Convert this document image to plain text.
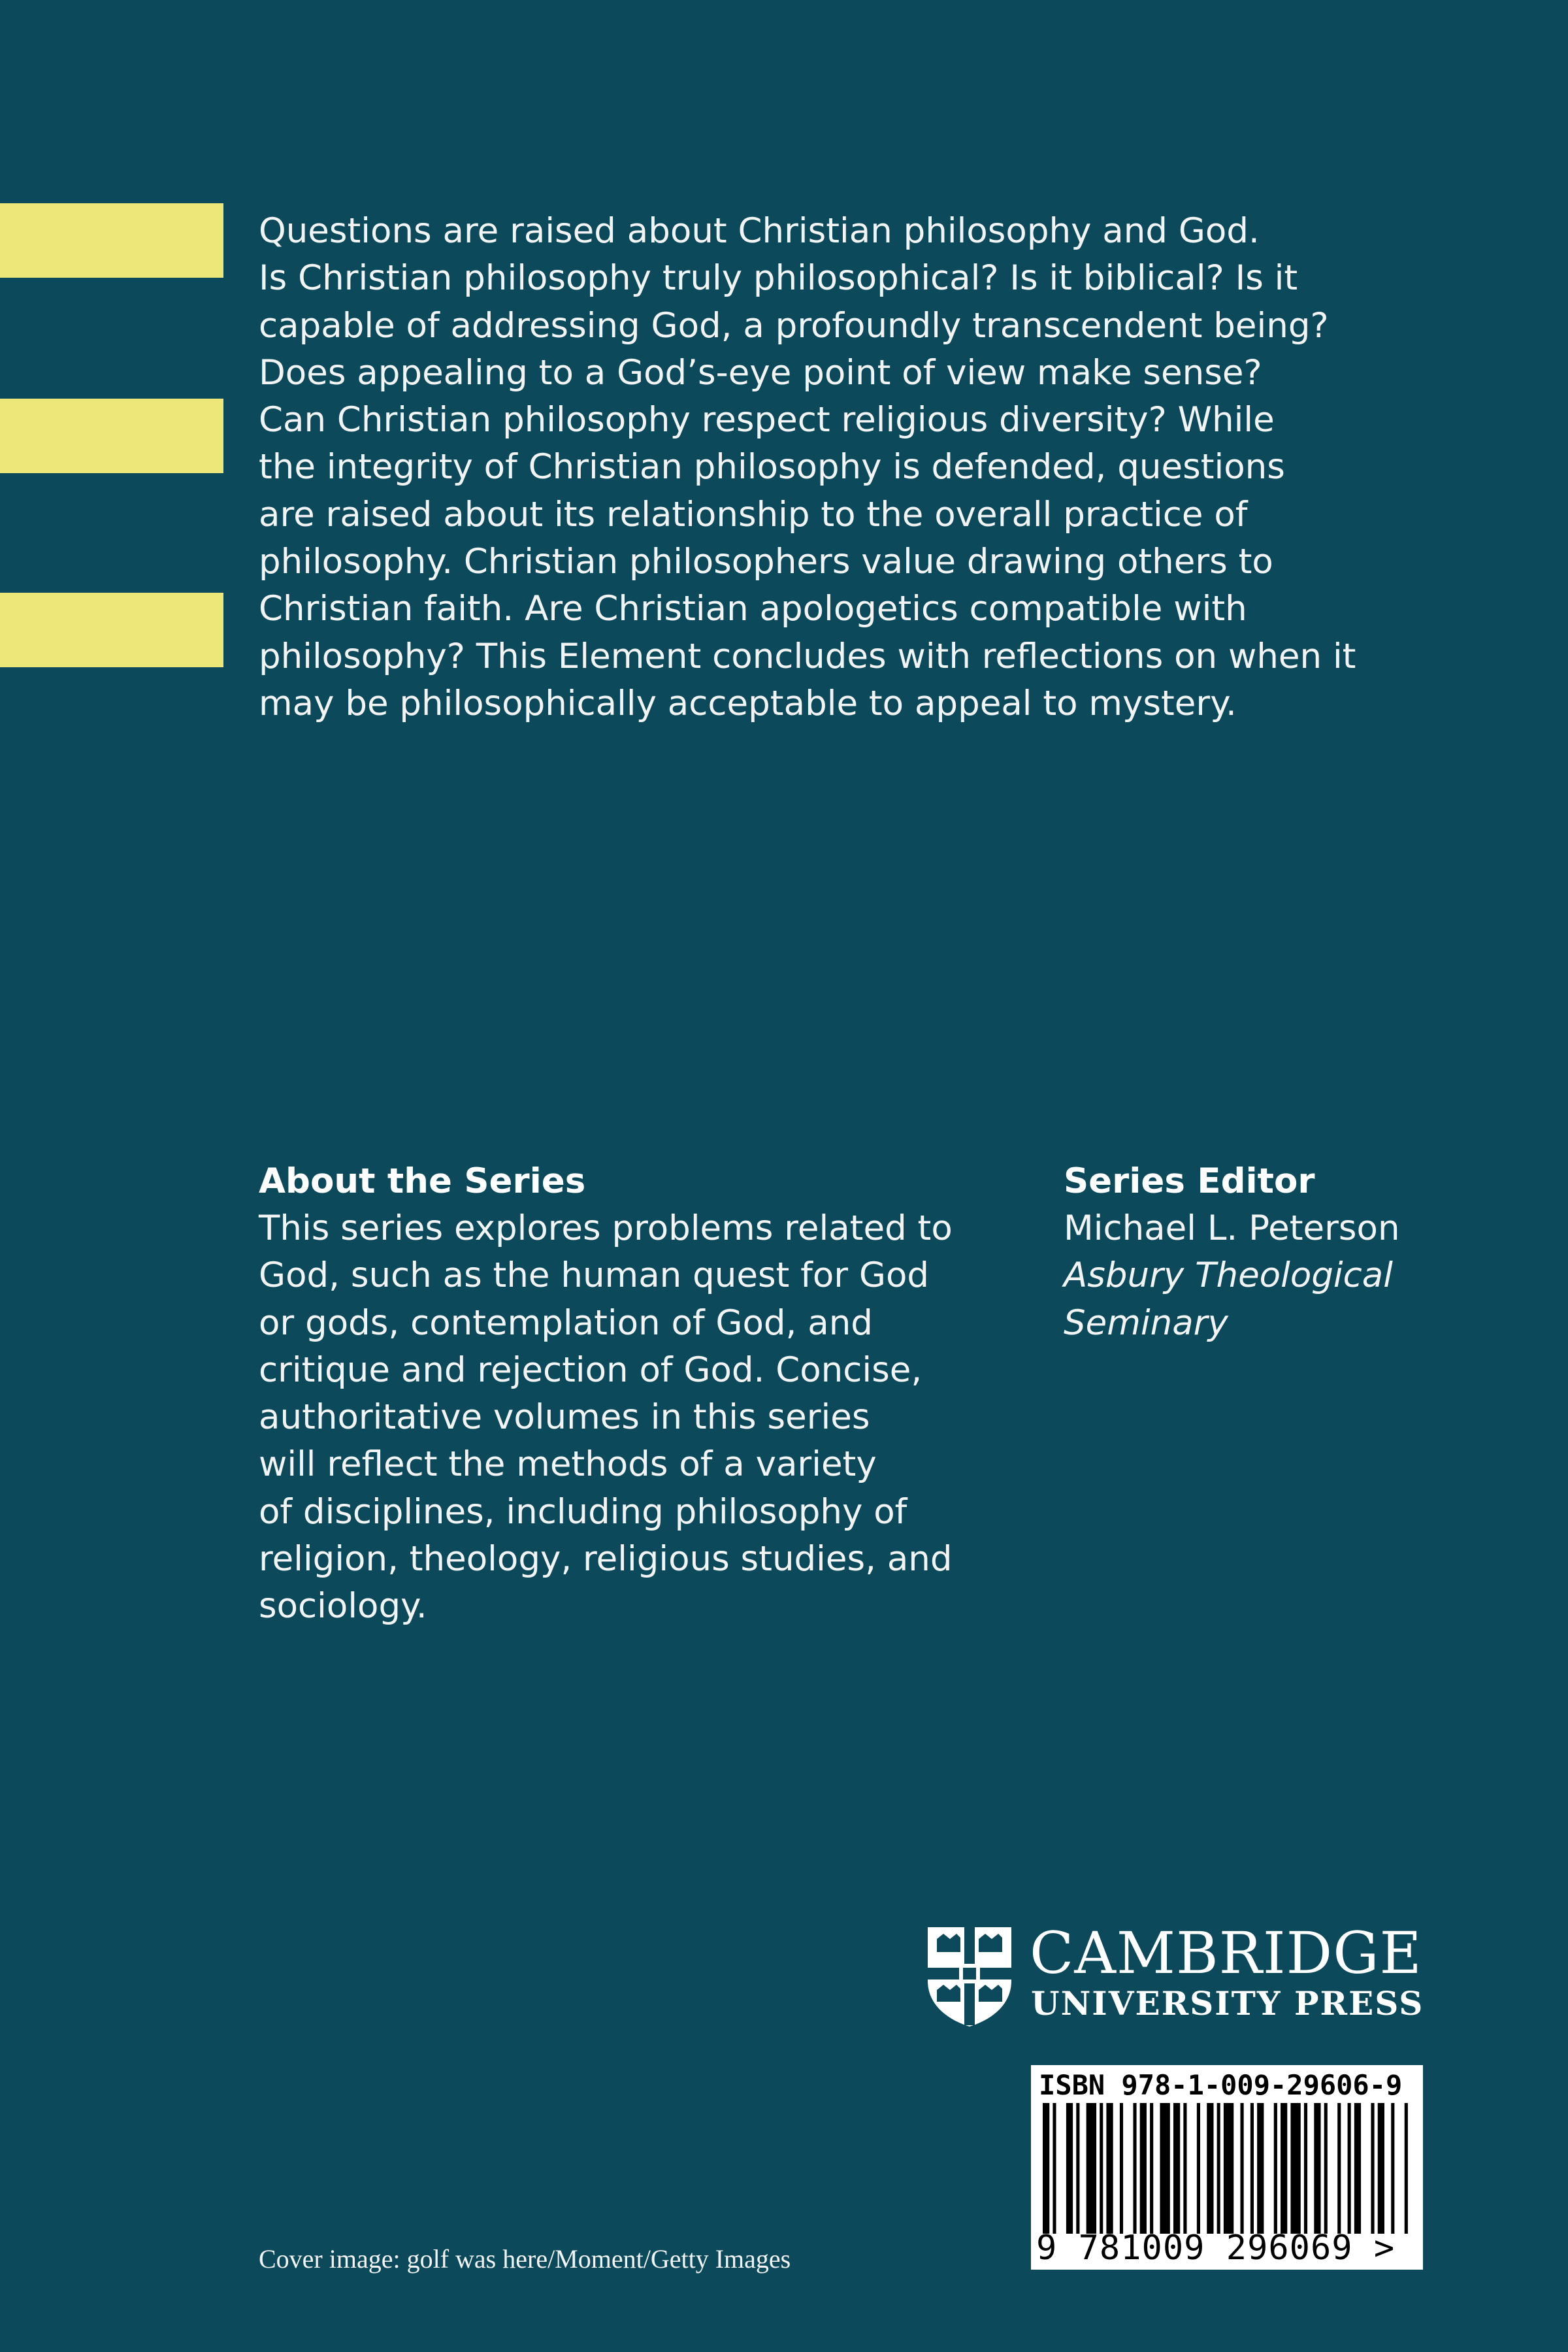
Questions are raised about Christian philosophy and God.
Is Christian philosophy truly philosophical? Is it biblical? Is it
capable of addressing God, a profoundly transcendent being?
Does appealing to a God’s-eye point of view make sense?
Can Christian philosophy respect religious diversity? While
the integrity of Christian philosophy is defended, questions
are raised about its relationship to the overall practice of
philosophy. Christian philosophers value drawing others to
Christian faith. Are Christian apologetics compatible with
philosophy? This Element concludes with reflections on when it
may be philosophically acceptable to appeal to mystery.
About the Series
This series explores problems related to
God, such as the human quest for God
or gods, contemplation of God, and
critique and rejection of God. Concise,
authoritative volumes in this series
will reflect the methods of a variety
of disciplines, including philosophy of
religion, theology, religious studies, and
sociology.
Series Editor
Michael L. Peterson
Asbury Theological
Seminary
CAMBRIDGE
UNIVERSITY PRESS
ISBN 978-1-009-29606-9
9 781009 296069 >
Cover image: golf was here/Moment/Getty Images
